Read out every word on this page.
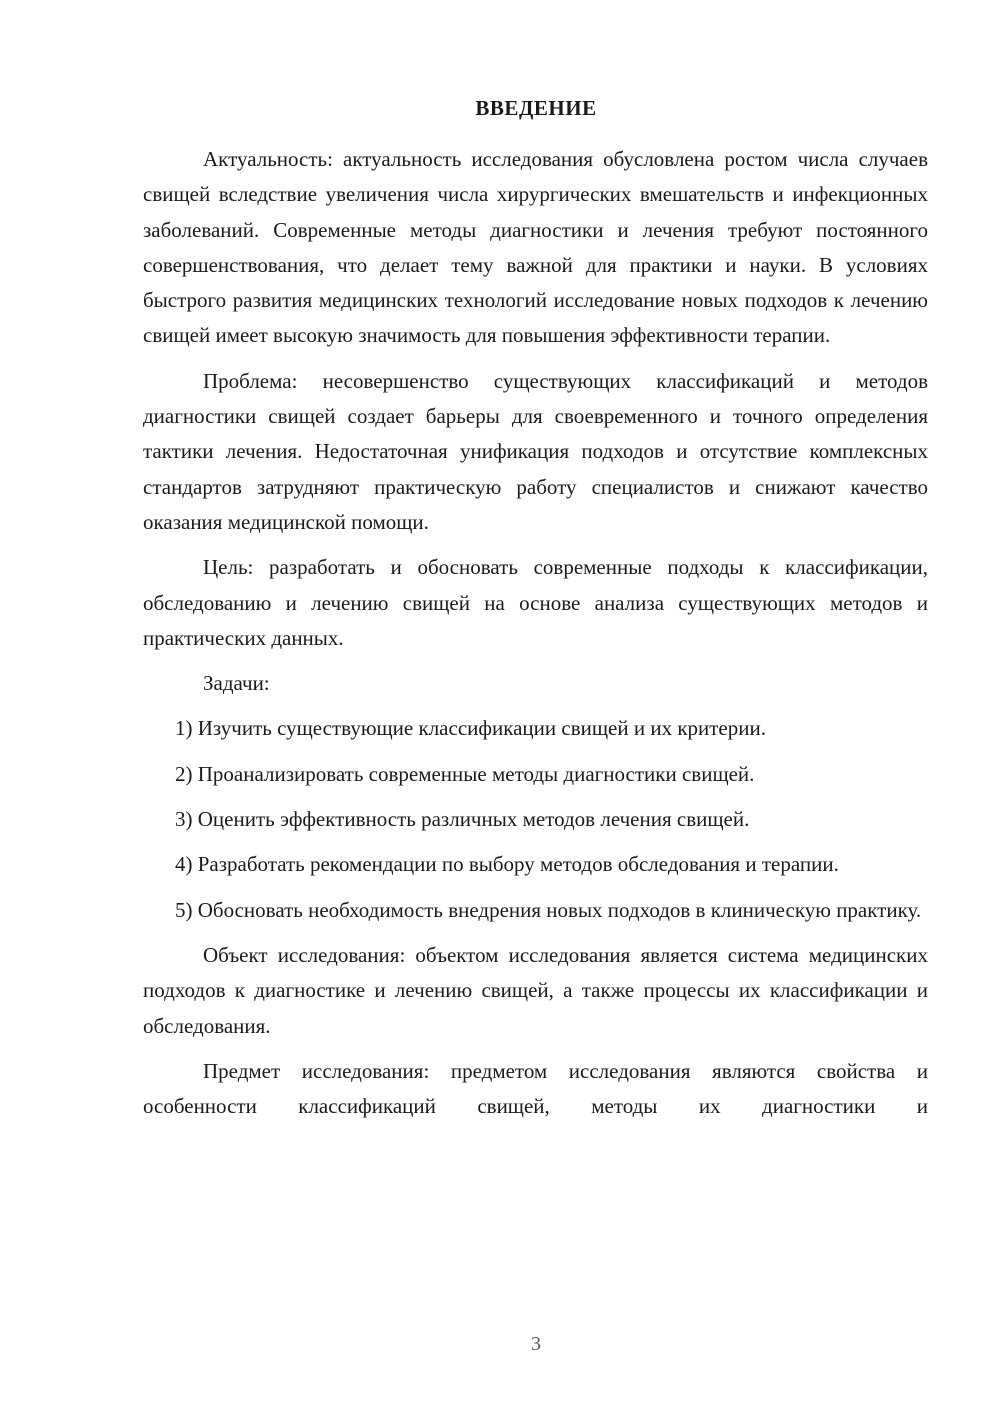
ВВЕДЕНИЕ

Актуальность: актуальность исследования обусловлена ростом числа случаев свищей вследствие увеличения числа хирургических вмешательств и инфекционных заболеваний. Современные методы диагностики и лечения требуют постоянного совершенствования, что делает тему важной для практики и науки. В условиях быстрого развития медицинских технологий исследование новых подходов к лечению свищей имеет высокую значимость для повышения эффективности терапии.

Проблема: несовершенство существующих классификаций и методов диагностики свищей создает барьеры для своевременного и точного определения тактики лечения. Недостаточная унификация подходов и отсутствие комплексных стандартов затрудняют практическую работу специалистов и снижают качество оказания медицинской помощи.

Цель: разработать и обосновать современные подходы к классификации, обследованию и лечению свищей на основе анализа существующих методов и практических данных.

Задачи:

1) Изучить существующие классификации свищей и их критерии.

2) Проанализировать современные методы диагностики свищей.

3) Оценить эффективность различных методов лечения свищей.

4) Разработать рекомендации по выбору методов обследования и терапии.

5) Обосновать необходимость внедрения новых подходов в клиническую практику.

Объект исследования: объектом исследования является система медицинских подходов к диагностике и лечению свищей, а также процессы их классификации и обследования.

Предмет исследования: предметом исследования являются свойства и особенности классификаций свищей, методы их диагностики и

3
